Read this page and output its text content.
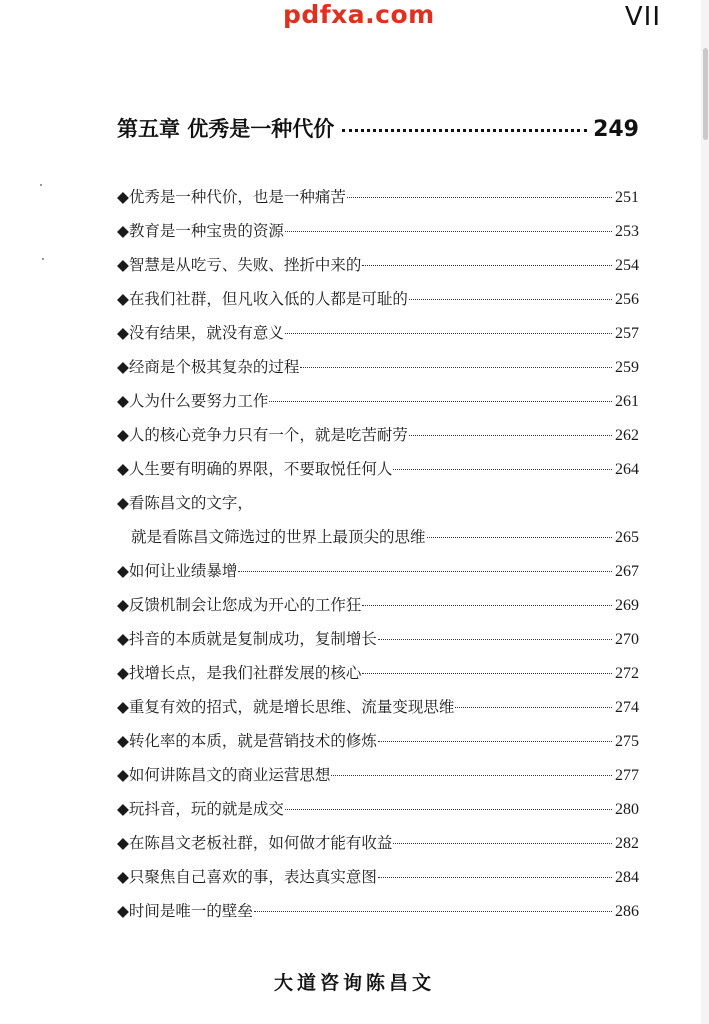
pdfxa.com	VII
第五章 优秀是一种代价	249
◆优秀是一种代价，也是一种痛苦	251
◆教育是一种宝贵的资源	253
◆智慧是从吃亏、失败、挫折中来的	254
◆在我们社群，但凡收入低的人都是可耻的	256
◆没有结果，就没有意义	257
◆经商是个极其复杂的过程	259
◆人为什么要努力工作	261
◆人的核心竞争力只有一个，就是吃苦耐劳	262
◆人生要有明确的界限，不要取悦任何人	264
◆看陈昌文的文字，
就是看陈昌文筛选过的世界上最顶尖的思维	265
◆如何让业绩暴增	267
◆反馈机制会让您成为开心的工作狂	269
◆抖音的本质就是复制成功，复制增长	270
◆找增长点，是我们社群发展的核心	272
◆重复有效的招式，就是增长思维、流量变现思维	274
◆转化率的本质，就是营销技术的修炼	275
◆如何讲陈昌文的商业运营思想	277
◆玩抖音，玩的就是成交	280
◆在陈昌文老板社群，如何做才能有收益	282
◆只聚焦自己喜欢的事，表达真实意图	284
◆时间是唯一的壁垒	286
大道咨询陈昌文
